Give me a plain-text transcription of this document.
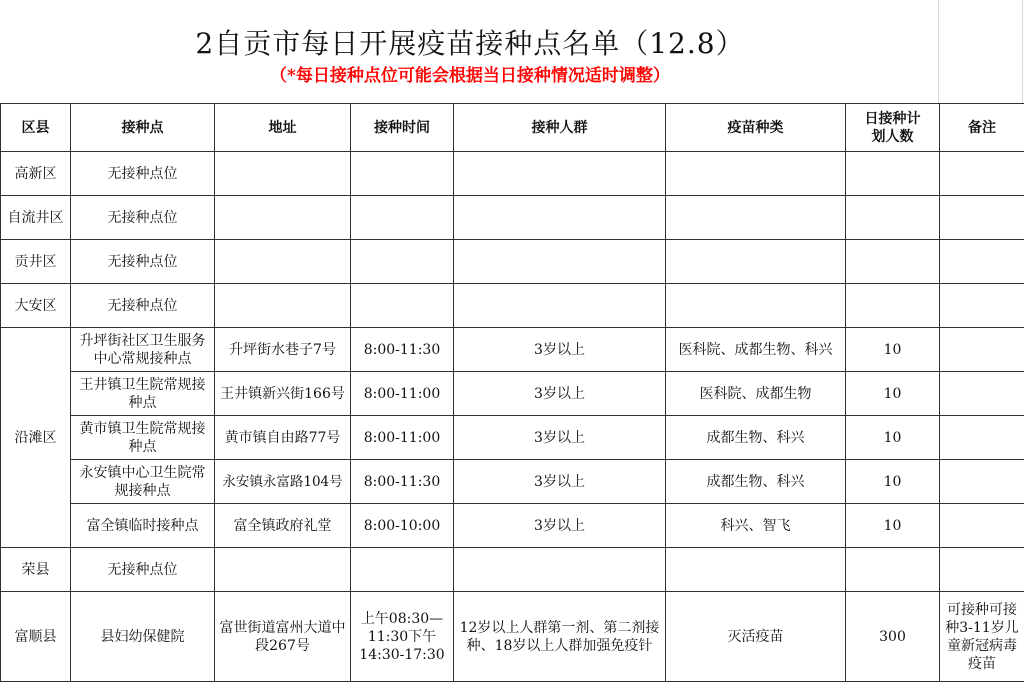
2自贡市每日开展疫苗接种点名单（12.8）
（*每日接种点位可能会根据当日接种情况适时调整）
区县	接种点	地址	接种时间	接种人群	疫苗种类	日接种计划人数	备注
高新区	无接种点位						
自流井区	无接种点位						
贡井区	无接种点位						
大安区	无接种点位						
沿滩区	升坪街社区卫生服务中心常规接种点	升坪街水巷子7号	8:00-11:30	3岁以上	医科院、成都生物、科兴	10	
	王井镇卫生院常规接种点	王井镇新兴街166号	8:00-11:00	3岁以上	医科院、成都生物	10	
	黄市镇卫生院常规接种点	黄市镇自由路77号	8:00-11:00	3岁以上	成都生物、科兴	10	
	永安镇中心卫生院常规接种点	永安镇永富路104号	8:00-11:30	3岁以上	成都生物、科兴	10	
	富全镇临时接种点	富全镇政府礼堂	8:00-10:00	3岁以上	科兴、智飞	10	
荣县	无接种点位						
富顺县	县妇幼保健院	富世街道富州大道中段267号	上午08:30—11:30下午14:30-17:30	12岁以上人群第一剂、第二剂接种、18岁以上人群加强免疫针	灭活疫苗	300	可接种可接种3-11岁儿童新冠病毒疫苗
